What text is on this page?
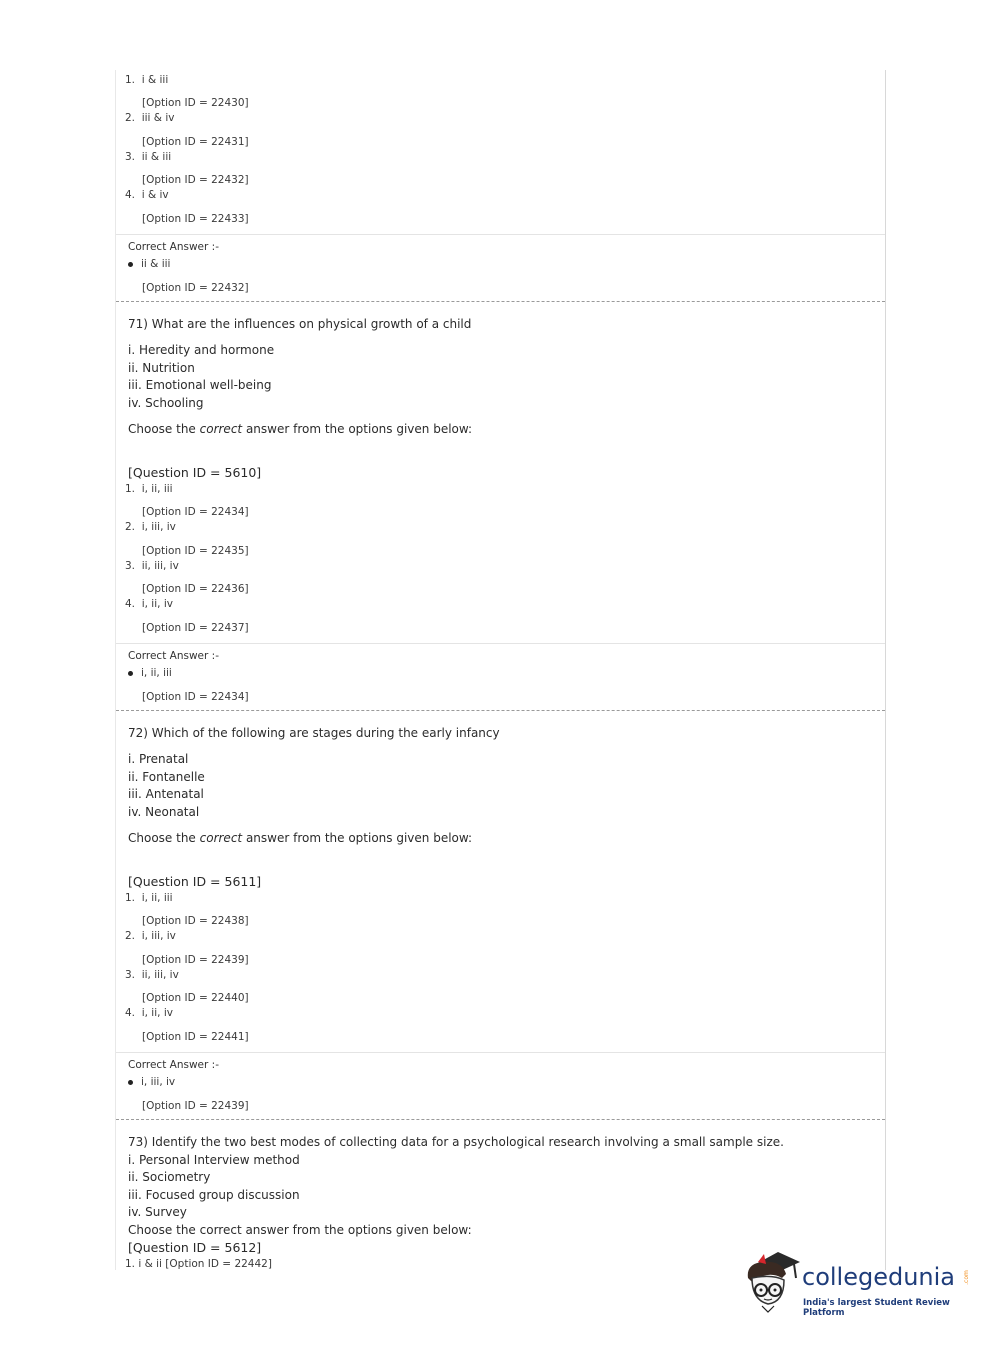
1. i & iii
[Option ID = 22430]
2. iii & iv
[Option ID = 22431]
3. ii & iii
[Option ID = 22432]
4. i & iv
[Option ID = 22433]
Correct Answer :-
ii & iii
[Option ID = 22432]
71) What are the influences on physical growth of a child
i. Heredity and hormone
ii. Nutrition
iii. Emotional well-being
iv. Schooling
Choose the correct answer from the options given below:
[Question ID = 5610]
1. i, ii, iii
[Option ID = 22434]
2. i, iii, iv
[Option ID = 22435]
3. ii, iii, iv
[Option ID = 22436]
4. i, ii, iv
[Option ID = 22437]
Correct Answer :-
i, ii, iii
[Option ID = 22434]
72) Which of the following are stages during the early infancy
i. Prenatal
ii. Fontanelle
iii. Antenatal
iv. Neonatal
Choose the correct answer from the options given below:
[Question ID = 5611]
1. i, ii, iii
[Option ID = 22438]
2. i, iii, iv
[Option ID = 22439]
3. ii, iii, iv
[Option ID = 22440]
4. i, ii, iv
[Option ID = 22441]
Correct Answer :-
i, iii, iv
[Option ID = 22439]
73) Identify the two best modes of collecting data for a psychological research involving a small sample size.
i. Personal Interview method
ii. Sociometry
iii. Focused group discussion
iv. Survey
Choose the correct answer from the options given below:
[Question ID = 5612]
1. i & ii [Option ID = 22442]	collegedunia .com
India's largest Student Review Platform
